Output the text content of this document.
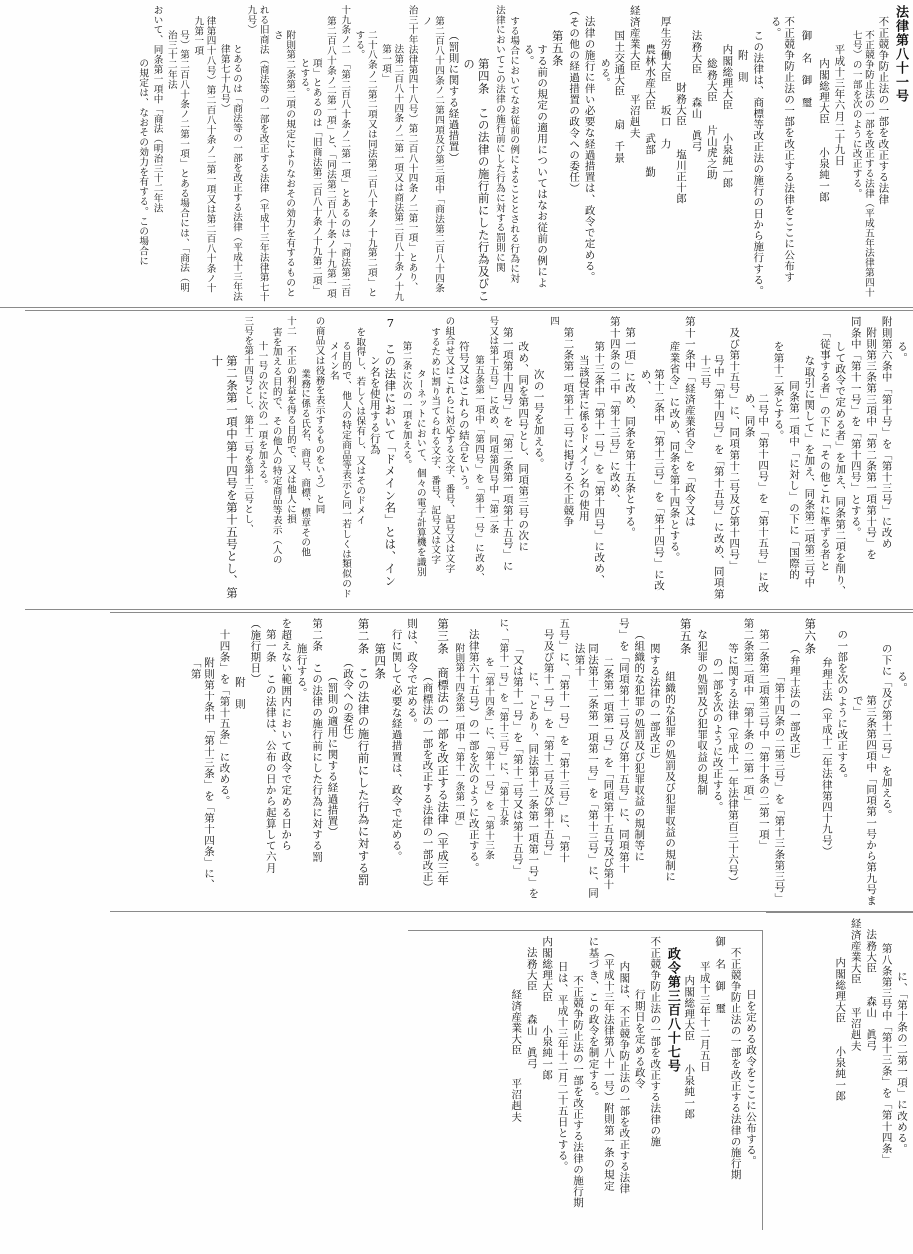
法律第八十一号
不正競争防止法の一部を改正する法律
不正競争防止法の一部を改正する法律（平成五年法律第四十七号）の一部を次のように改正する。
平成十三年六月二十九日
内閣総理大臣　　小泉純一郎
御　名　御　璽
不正競争防止法の一部を改正する法律をここに公布する。
この法律は、商標等改正法の施行の日から施行する。
　　　附　則
内閣総理大臣　　小泉純一郎
総務大臣　　片山虎之助
法務大臣　　森山　眞弓
財務大臣　　塩川正十郎
厚生労働大臣　　坂口　力
農林水産大臣　　武部　勤
経済産業大臣　　平沼赳夫
国土交通大臣　　扇　千景
める。
法律の施行に伴い必要な経過措置は、政令で定める。
（その他の経過措置の政令への委任）
第五条
する前の規定の適用についてはなお従前の例による。
する場合においてなお従前の例によることとされる行為に対
法律においてこの法律の施行前にした行為に対する罰則に関
第四条　この法律の施行前にした行為及びこの
（罰則に関する経過措置）
第二百八十四条ノ二第四項及び第三項中「商法第二百八十四条ノ
治三十年法律第四十八号）第二百八十四条ノ二第一項」とあり、
法第二百八十四条ノ二第一項又は商法第二百八十条ノ十九第一項」
二十八条ノ二第二項又は同法第二百八十条ノ十九第二項」とする。
十九条ノ二　「第二百八十条ノ二第一項」とあるのは「商法第二百
第二百八十条ノ二第一項」と、「同法第二百八十条ノ十九第一項
項」とあるのは「旧商法第二百八十条ノ十九第二項」とする。
附則第二条第二項の規定によりなおその効力を有するものとさ
れる旧商法（商法等の一部を改正する法律（平成十三年法律第七十九号）
とあるのは「商法等の一部を改正する法律（平成十三年法律第七十九号）
律第四十八号）第二百八十条ノ二第一項又は第二百八十条ノ十九第一項
号）第二百八十条ノ二第一項」とある場合には、「商法（明治三十二年法
おいて、同条第一項中「商法（明治三十二年法
の規定は、なおその効力を有する。この場合に
る。
附則第六条中「第十号」を「第十三号」に改め
附則第三条第三項中「第二条第一項第十号」を
同条中「第十一号」を「第十四号」とする。
して政令で定める者」を加え、同条第二項を削り、
「従事する者」の下に「その他これに準ずる者と
な取引に関して」を加え、同条第二項第三号中
　同条第一項中「に対し」の下に「国際的
を第十二条とする。
二号中「第十四号」を「第十五号」に改め、同条
及び第十五号」に、同項第十二号及び第十四号」
号中「第十四号」を「第十五号」に改め、同項第十三号
第十一条中「経済産業省令」を「政令又は
産業省令」に改め、同条を第十四条とする。
第十二条中「第十三号」を「第十四号」に改め、
第一項」に改め、同条を第十五条とする。
第十四条の二中「第十三号」に改め、
第十三条中「第十一号」を「第十四号」に改め、
当該侵害に係るドメイン名の使用
第二条第一項第十二号に掲げる不正競争
四
次の一号を加える。
改め、同を第四号とし、同項第三号の次に
第一項第十四号」を「第二条第一項第十五号」に
号又は第十五号」に改め、同項第四号中「第二条
第五条第一項中「第四号」を「第十一号」に改め、
符号又はこれらの結合をいう。
の組合せ又はこれらに対応する文字、番号、記号又は文字
するために割り当てられる文字、番号、記号又は文字
ターネットにおいて、個々の電子計算機を識別
第二条に次の一項を加える。
7　この法律において「ドメイン名」とは、イン
ン名を使用する行為
を取得し、若しくは保有し、又はそのドメイ
る目的で、他人の特定商品等表示と同一若しくは類似のドメイン名
の商品又は役務を表示するものをいう）と同
業務に係る氏名、商号、商標、標章その他
十二　不正の利益を得る目的で、又は他人に損
害を加える目的で、その他人の特定商品等表示（人の
十一号の次に次の一項を加える。
三号を第十四号とし、第十二号を第十三号とし、
第二条第一項中第十四号を第十五号とし、第十
る。
の下に「及び第十二号」を加える。
第三条第四項中「同項第一号から第九号まで」
の一部を次のように改正する。
弁理士法（平成十二年法律第四十九号）
第六条
（弁理士法の一部改正）
「第十四条の二第三号」を「第十三条第三号」
第二条第二項第三号中「第十条の二第一項」
第二条第二項中「第十条の二第一項」
等に関する法律（平成十一年法律第百三十六号）
の一部を次のように改正する。
な犯罪の処罰及び犯罪収益の規制
第五条
組織的な犯罪の処罰及び犯罪収益の規制に
関する法律の一部改正）
（組織的な犯罪の処罰及び犯罪収益の規制等に
号」を「同項第十二号及び第十五号」に、同項第十
二条第一項第一号」を「同項第十五号及び第十
同法第十二条第一項第一号」を「第十三号」に、同法第十
五号」に、「第十一号」を「第十三号」に、「第十
号及び第十一号」を「第十二号及び第十五号」
に、「とあり、同法第十二条第一項第一号」を
「又は第十一号」を「第十二号又は第十五号」
に、「第十一号」を「第十三号」に、「第十五条
を「第十四条」に、「第十一号」を「第十三条
法律第六十五号）の一部を次のように改正する。
附則第十四条第一項中「第十一条第一項」
第三条　商標法の一部を改正する法律（平成三年
（商標法の一部を改正する法律の一部改正）
則は、政令で定める。
行に関して必要な経過措置は、政令で定める。
第四条
第二条　この法律の施行前にした行為に対する罰
（政令への委任）
（罰則の適用に関する経過措置）
第二条　この法律の施行前にした行為に対する罰
施行する。
を超えない範囲内において政令で定める日から
第一条　この法律は、公布の日から起算して六月
（施行期日）
　　　附　則
十四条」を「第十五条」に改める。
附則第十条中「第十三条」を「第十四条」に、「第
日を定める政令をここに公布する。
不正競争防止法の一部を改正する法律の施行期
御　名　御　璽
平成十三年十二月五日
内閣総理大臣　　小泉純一郎
政令第三百八十七号
不正競争防止法の一部を改正する法律の施
行期日を定める政令
内閣は、不正競争防止法の一部を改正する法律
（平成十三年法律第八十一号）附則第一条の規定
に基づき、この政令を制定する。
不正競争防止法の一部を改正する法律の施行期
日は、平成十三年十二月二十五日とする。
内閣総理大臣　　小泉純一郎
法務大臣　　森山　眞弓
経済産業大臣　　平沼赳夫	に、「第十条の二第一項」に改める。
第八条第三号中「第十三条」を「第十四条」
法務大臣　　森山　眞弓
経済産業大臣　　平沼赳夫
内閣総理大臣　　小泉純一郎
